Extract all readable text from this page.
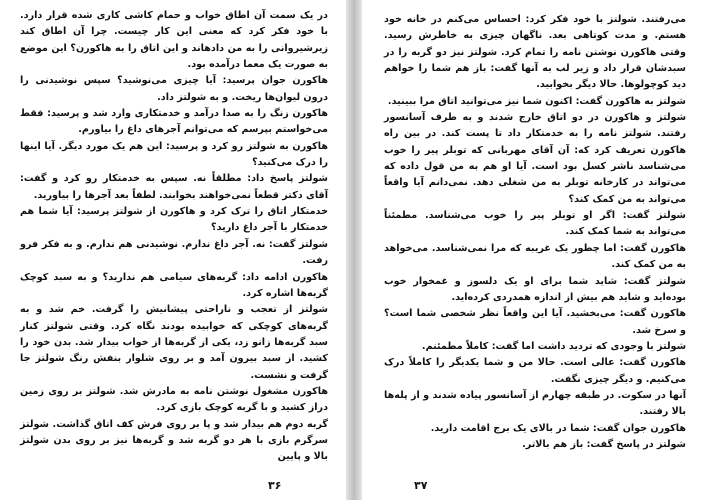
در یک سمت آن اطاق خواب و حمام کاشی کاری شده قرار دارد. با خود فکر کرد که معنی این کار چیست. چرا آن اطاق کند زیرشیروانی را به من دادهاند و این اتاق را به هاکورن؟ این موضع به صورت یک معما درآمده بود.

هاکورن جوان پرسید: آیا چیزی می‌نوشید؟ سپس نوشیدنی را درون لیوان‌ها ریخت. و به شولتز داد.

هاکورن زنگ را به صدا درآمد و خدمتکاری وارد شد و پرسید: فقط می‌خواستم بپرسم که می‌توانم آجرهای داغ را بیاورم.

هاکورن به شولتز رو کرد و پرسید: این هم یک مورد دیگر. آیا اینها را درک می‌کنید؟

شولتز پاسخ داد: مطلقاً نه. سپس به خدمتکار رو کرد و گفت: آقای دکتر قطعاً نمی‌خواهند بخوابند. لطفاً بعد آجرها را بیاورید.

خدمتکار اتاق را ترک کرد و هاکورن از شولتز پرسید: آیا شما هم خدمتکار با آجر داغ دارید؟

شولتز گفت: نه. آجر داغ ندارم. نوشیدنی هم ندارم. و به فکر فرو رفت.

هاکورن ادامه داد: گربه‌های سیامی هم ندارید؟ و به سبد کوچک گربه‌ها اشاره کرد.

شولتز از تعجب و ناراحتی پیشانیش را گرفت. خم شد و به گربه‌های کوچکی که خوابیده بودند نگاه کرد. وقتی شولتز کنار سبد گربه‌ها زانو زد، یکی از گربه‌ها از خواب بیدار شد. بدن خود را کشید. از سبد بیرون آمد و بر روی شلوار بنفش رنگ شولتز جا گرفت و نشست.

هاکورن مشغول نوشتن نامه به مادرش شد. شولتز بر روی زمین دراز کشید و با گربه کوچک بازی کرد.

گربه دوم هم بیدار شد و پا بر روی فرش کف اتاق گذاشت. شولتز سرگرم بازی با هر دو گربه شد و گربه‌ها نیز بر روی بدن شولتز بالا و پایین

۳۶

می‌رفتند. شولتز با خود فکر کرد: احساس می‌کنم در خانه خود هستم. و مدت کوتاهی بعد. ناگهان چیزی به خاطرش رسید. وقتی هاکورن نوشتن نامه را تمام کرد. شولتز نیز دو گربه را در سبدشان قرار داد و زیر لب به آنها گفت: باز هم شما را خواهم دید کوچولوها. حالا دیگر بخوابید.

شولتز به هاکورن گفت: اکنون شما نیز می‌توانید اتاق مرا ببینید.

شولتز و هاکورن در دو اتاق خارج شدند و به طرف آسانسور رفتند. شولتز نامه را به خدمتکار داد تا پست کند. در بین راه هاکورن تعریف کرد که: آن آقای مهربانی که توبلر پیر را خوب می‌شناسد ناشر کسل بود است. آیا او هم به من قول داده که می‌تواند در کارخانه توبلر به من شغلی دهد. نمی‌دانم آیا واقعاً می‌تواند به من کمک کند؟

شولتز گفت: اگر او توبلر پیر را خوب می‌شناسد. مطمئناً می‌تواند به شما کمک کند.

هاکورن گفت: اما چطور یک غریبه که مرا نمی‌شناسد. می‌خواهد به من کمک کند.

شولتز گفت: شاید شما برای او یک دلسوز و غمخوار خوب بوده‌اید و شاید هم بیش از اندازه همدردی کرده‌اید.

هاکورن گفت: می‌بخشید. آیا این واقعاً نظر شخصی شما است؟ و سرخ شد.

شولتز با وجودی که تردید داشت اما گفت: کاملاً مطمئنم.

هاکورن گفت: عالی است. حالا من و شما یکدیگر را کاملاً درک می‌کنیم. و دیگر چیزی نگفت.

آنها در سکوت. در طبقه چهارم از آسانسور پیاده شدند و از پله‌ها بالا رفتند.

هاکورن جوان گفت: شما در بالای یک برج اقامت دارید.

شولتز در پاسخ گفت: باز هم بالاتر.

۳۷
